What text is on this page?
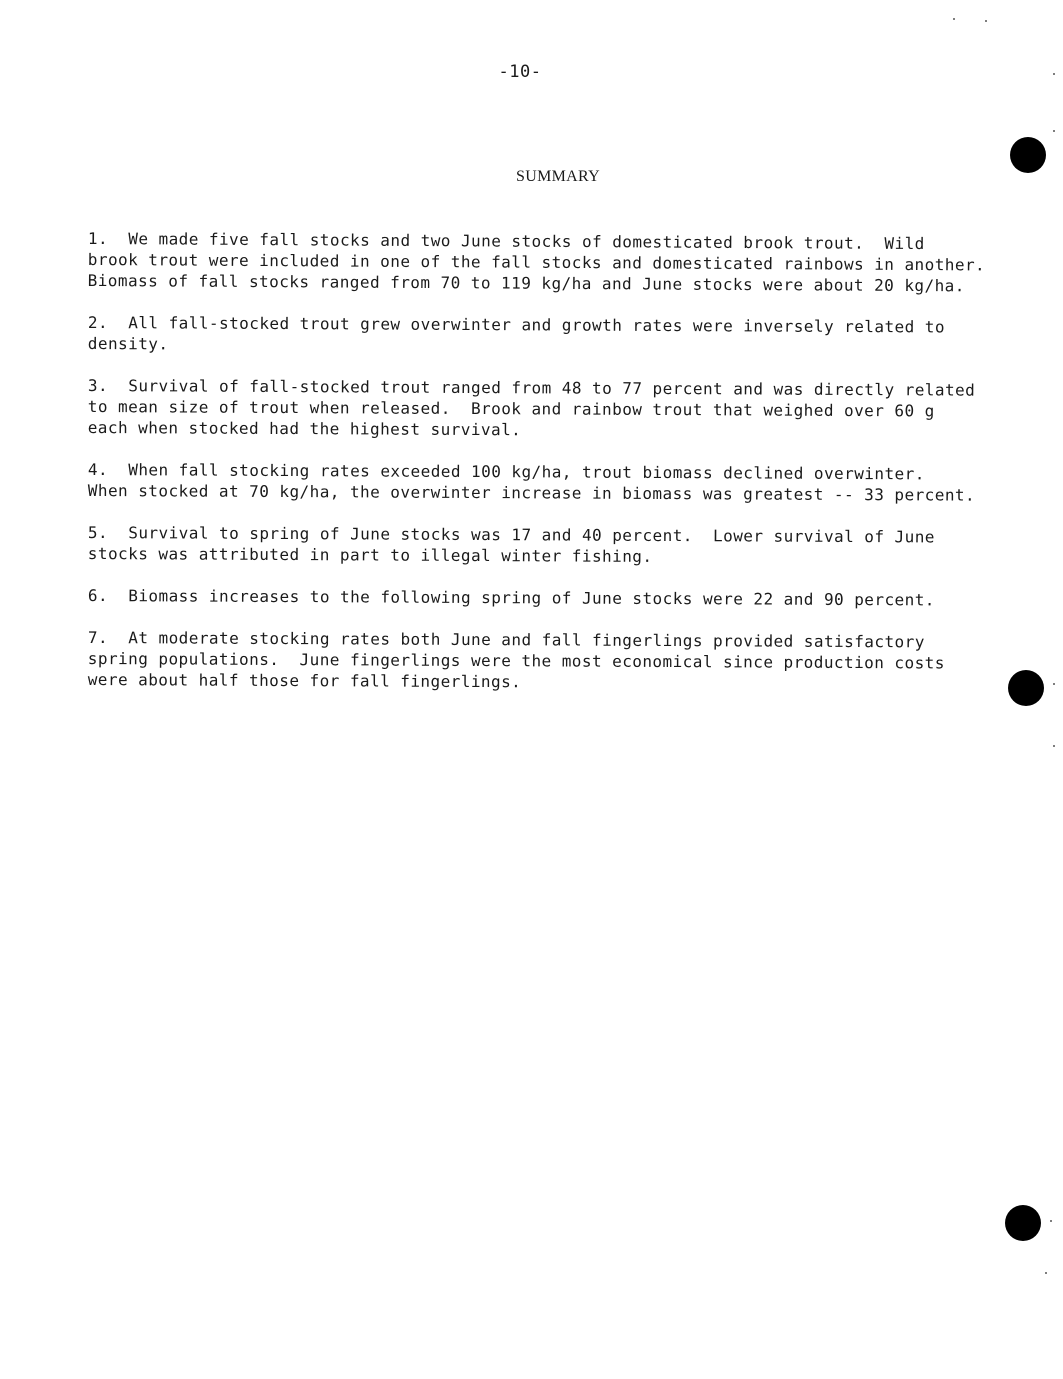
-10-
SUMMARY

1.  We made five fall stocks and two June stocks of domesticated brook trout.  Wild
brook trout were included in one of the fall stocks and domesticated rainbows in another.
Biomass of fall stocks ranged from 70 to 119 kg/ha and June stocks were about 20 kg/ha.

2.  All fall-stocked trout grew overwinter and growth rates were inversely related to
density.

3.  Survival of fall-stocked trout ranged from 48 to 77 percent and was directly related
to mean size of trout when released.  Brook and rainbow trout that weighed over 60 g
each when stocked had the highest survival.

4.  When fall stocking rates exceeded 100 kg/ha, trout biomass declined overwinter.
When stocked at 70 kg/ha, the overwinter increase in biomass was greatest -- 33 percent.

5.  Survival to spring of June stocks was 17 and 40 percent.  Lower survival of June
stocks was attributed in part to illegal winter fishing.

6.  Biomass increases to the following spring of June stocks were 22 and 90 percent.

7.  At moderate stocking rates both June and fall fingerlings provided satisfactory
spring populations.  June fingerlings were the most economical since production costs
were about half those for fall fingerlings.
